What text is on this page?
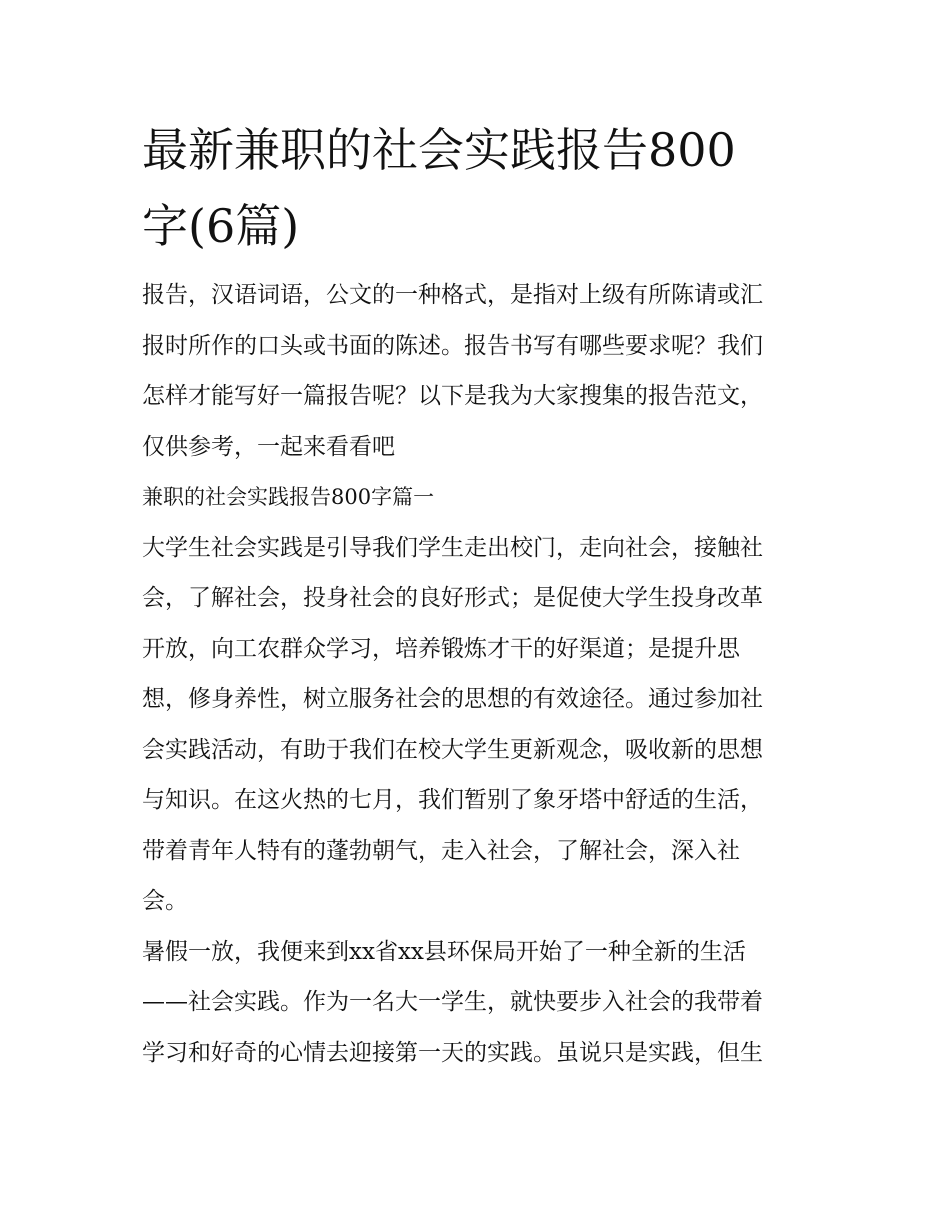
最新兼职的社会实践报告800
字(6篇)
报告，汉语词语，公文的一种格式，是指对上级有所陈请或汇
报时所作的口头或书面的陈述。报告书写有哪些要求呢？我们
怎样才能写好一篇报告呢？以下是我为大家搜集的报告范文，
仅供参考，一起来看看吧
兼职的社会实践报告800字篇一
大学生社会实践是引导我们学生走出校门，走向社会，接触社
会，了解社会，投身社会的良好形式；是促使大学生投身改革
开放，向工农群众学习，培养锻炼才干的好渠道；是提升思
想，修身养性，树立服务社会的思想的有效途径。通过参加社
会实践活动，有助于我们在校大学生更新观念，吸收新的思想
与知识。在这火热的七月，我们暂别了象牙塔中舒适的生活，
带着青年人特有的蓬勃朝气，走入社会，了解社会，深入社
会。
暑假一放，我便来到xx省xx县环保局开始了一种全新的生活
——社会实践。作为一名大一学生，就快要步入社会的我带着
学习和好奇的心情去迎接第一天的实践。虽说只是实践，但生
